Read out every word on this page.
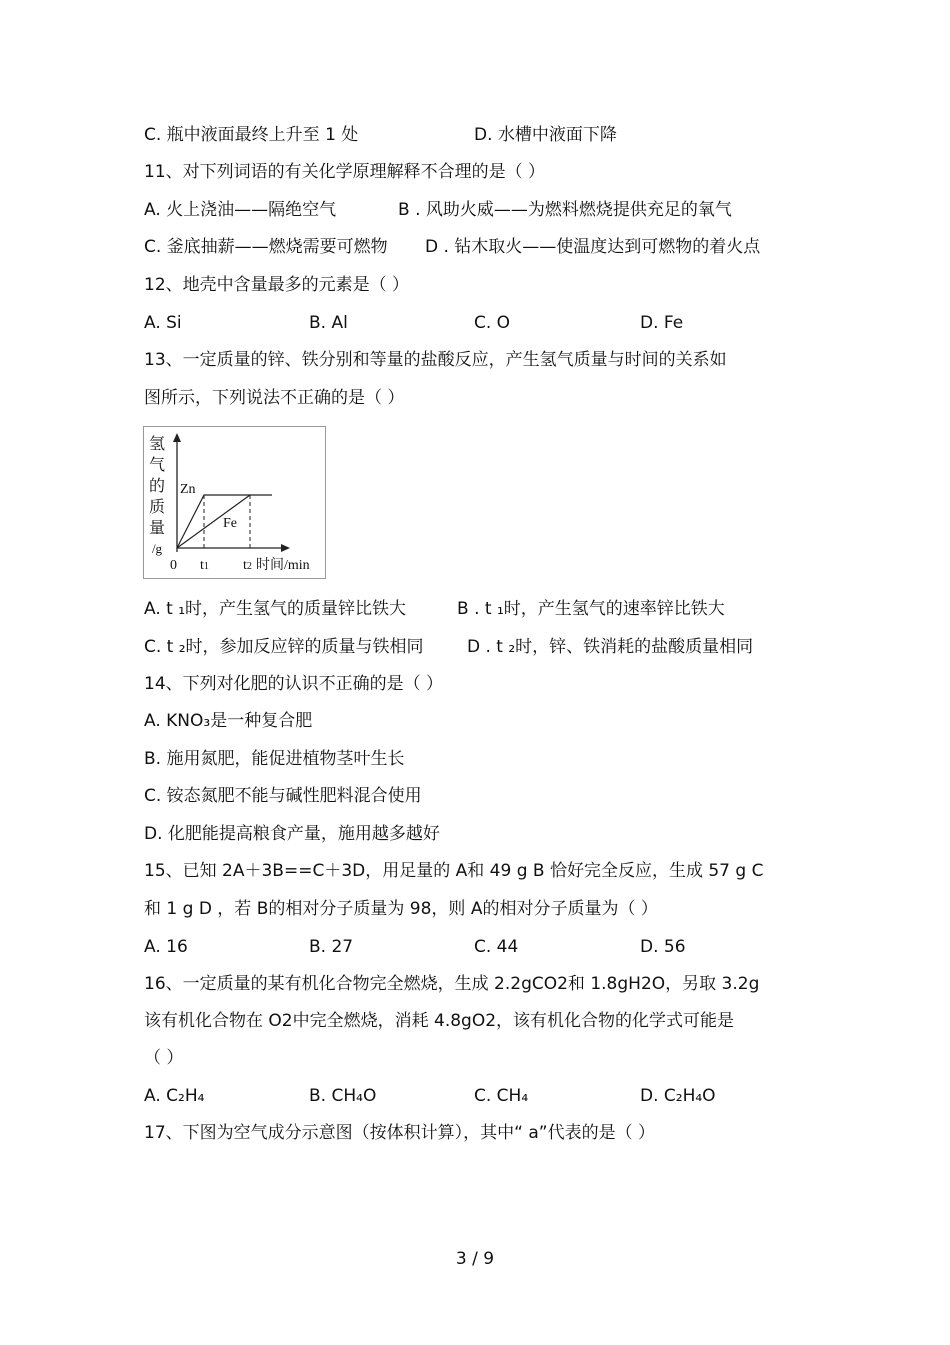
C. 瓶中液面最终上升至 1 处	D. 水槽中液面下降
11、对下列词语的有关化学原理解释不合理的是（ ）
A. 火上浇油——隔绝空气	B . 风助火威——为燃料燃烧提供充足的氧气
C. 釜底抽薪——燃烧需要可燃物 D . 钻木取火——使温度达到可燃物的着火点
12、地壳中含量最多的元素是（ ）
A. Si	B. Al	C. O	D. Fe
13、一定质量的锌、铁分别和等量的盐酸反应，产生氢气质量与时间的关系如
图所示，下列说法不正确的是（ ）
氢
气
的
质
量
/g
Zn
Fe
0 t1 t2 时间/min
A. t ₁时，产生氢气的质量锌比铁大	B . t ₁时，产生氢气的速率锌比铁大
C. t ₂时，参加反应锌的质量与铁相同	D . t ₂时，锌、铁消耗的盐酸质量相同
14、下列对化肥的认识不正确的是（ ）
A. KNO₃是一种复合肥
B. 施用氮肥，能促进植物茎叶生长
C. 铵态氮肥不能与碱性肥料混合使用
D. 化肥能提高粮食产量，施用越多越好
15、已知 2A＋3B==C＋3D，用足量的 A和 49 g B 恰好完全反应，生成 57 g C
和 1 g D ，若 B的相对分子质量为 98，则 A的相对分子质量为（ ）
A. 16	B. 27	C. 44	D. 56
16、一定质量的某有机化合物完全燃烧，生成 2.2gCO2和 1.8gH2O，另取 3.2g
该有机化合物在 O2中完全燃烧，消耗 4.8gO2，该有机化合物的化学式可能是
（ ）
A. C₂H₄	B. CH₄O	C. CH₄	D. C₂H₄O
17、下图为空气成分示意图（按体积计算），其中“ a”代表的是（ ）
3 / 9
